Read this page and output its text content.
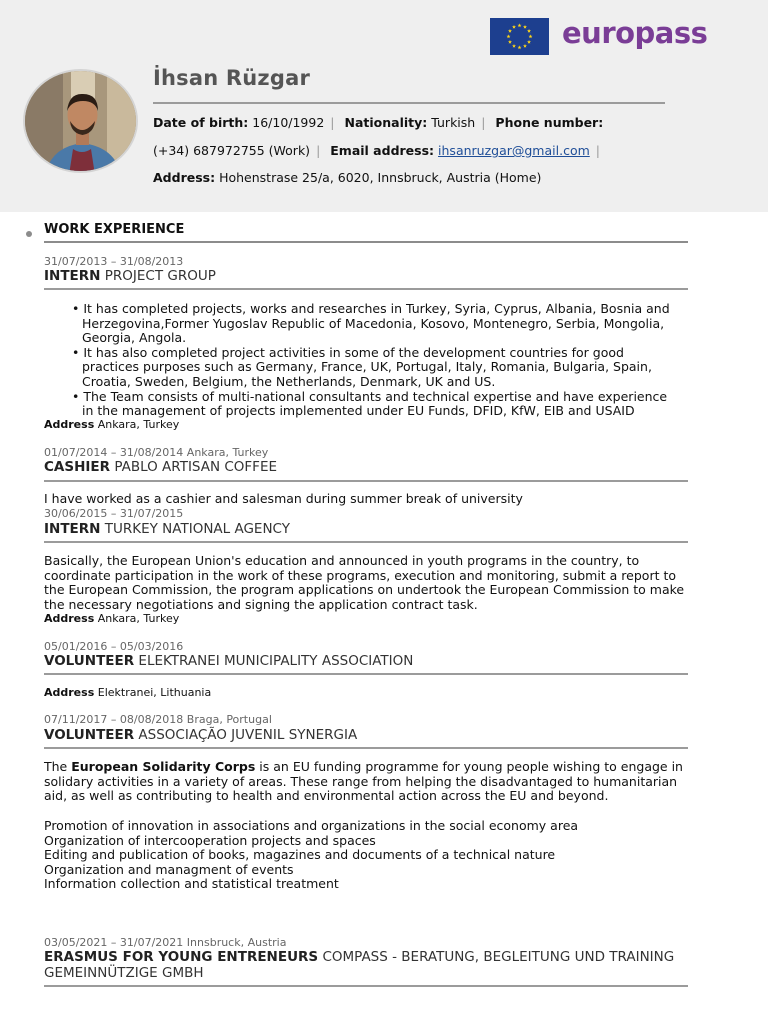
europass
İhsan Rüzgar
Date of birth: 16/10/1992 | Nationality: Turkish | Phone number:
(+34) 687972755 (Work) | Email address: ihsanruzgar@gmail.com |
Address: Hohenstrase 25/a, 6020, Innsbruck, Austria (Home)
WORK EXPERIENCE
31/07/2013 – 31/08/2013
INTERN PROJECT GROUP
• It has completed projects, works and researches in Turkey, Syria, Cyprus, Albania, Bosnia and Herzegovina,Former Yugoslav Republic of Macedonia, Kosovo, Montenegro, Serbia, Mongolia, Georgia, Angola.
• It has also completed project activities in some of the development countries for good practices purposes such as Germany, France, UK, Portugal, Italy, Romania, Bulgaria, Spain, Croatia, Sweden, Belgium, the Netherlands, Denmark, UK and US.
• The Team consists of multi-national consultants and technical expertise and have experience in the management of projects implemented under EU Funds, DFID, KfW, EIB and USAID
Address Ankara, Turkey
01/07/2014 – 31/08/2014 Ankara, Turkey
CASHIER PABLO ARTISAN COFFEE
I have worked as a cashier and salesman during summer break of university
30/06/2015 – 31/07/2015
INTERN TURKEY NATIONAL AGENCY
Basically, the European Union's education and announced in youth programs in the country, to coordinate participation in the work of these programs, execution and monitoring, submit a report to the European Commission, the program applications on undertook the European Commission to make the necessary negotiations and signing the application contract task.
Address Ankara, Turkey
05/01/2016 – 05/03/2016
VOLUNTEER ELEKTRANEI MUNICIPALITY ASSOCIATION
Address Elektranei, Lithuania
07/11/2017 – 08/08/2018 Braga, Portugal
VOLUNTEER ASSOCIAÇÃO JUVENIL SYNERGIA
The European Solidarity Corps is an EU funding programme for young people wishing to engage in solidary activities in a variety of areas. These range from helping the disadvantaged to humanitarian aid, as well as contributing to health and environmental action across the EU and beyond.
Promotion of innovation in associations and organizations in the social economy area
Organization of intercooperation projects and spaces
Editing and publication of books, magazines and documents of a technical nature
Organization and managment of events
Information collection and statistical treatment
03/05/2021 – 31/07/2021 Innsbruck, Austria
ERASMUS FOR YOUNG ENTRENEURS COMPASS - BERATUNG, BEGLEITUNG UND TRAINING GEMEINNÜTZIGE GMBH
